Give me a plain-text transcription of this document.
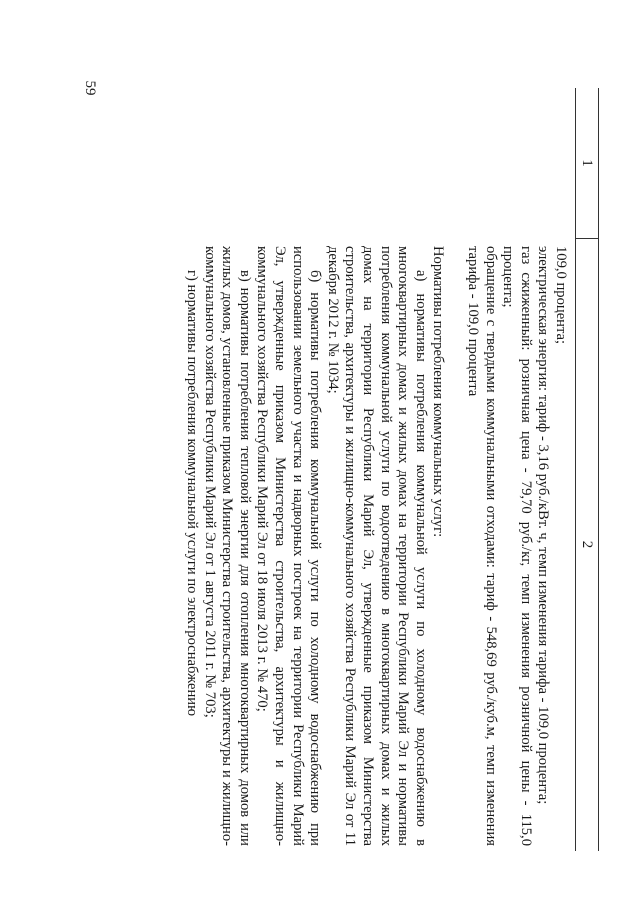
59
1
2

109,0 процента;

электрическая энергия: тариф - 3,16 руб./кВт. ч, темп изменения тарифа - 109,0 процента;

газ сжиженный: розничная цена - 79,70 руб./кг, темп изменения розничной цены - 115,0 процента;

обращение с твердыми коммунальными отходами: тариф - 548,69 руб./куб.м, темп изменения тарифа - 109,0 процента

Нормативы потребления коммунальных услуг:

а) нормативы потребления коммунальной услуги по холодному водоснабжению в многоквартирных домах и жилых домах на территории Республики Марий Эл и нормативы потребления коммунальной услуги по водоотведению в многоквартирных домах и жилых домах на территории Республики Марий Эл, утвержденные приказом Министерства строительства, архитектуры и жилищно-коммунального хозяйства Республики Марий Эл от 11 декабря 2012 г. № 1034;

б) нормативы потребления коммунальной услуги по холодному водоснабжению при использовании земельного участка и надворных построек на территории Республики Марий Эл, утвержденные приказом Министерства строительства, архитектуры и жилищно-коммунального хозяйства Республики Марий Эл от 18 июля 2013 г. № 470;

в) нормативы потребления тепловой энергии для отопления многоквартирных домов или жилых домов, установленные приказом Министерства строительства, архитектуры и жилищно-коммунального хозяйства Республики Марий Эл от 1 августа 2011 г. № 703;

г) нормативы потребления коммунальной услуги по электроснабжению
